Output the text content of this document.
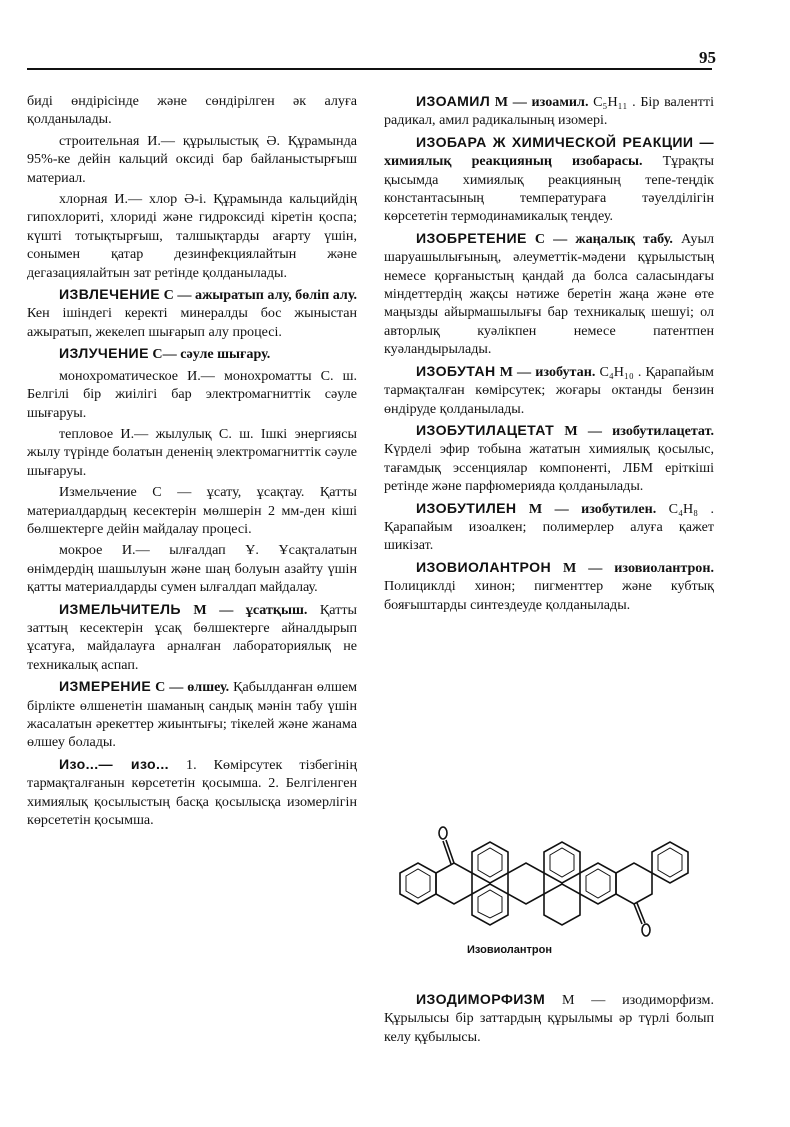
95

биді өндірісінде және сөндірілген әк алуға қолданылады.

строительная И.— құрылыстық Ә. Құрамында 95%-ке дейін кальций оксиді бар байланыстырғыш материал.

хлорная И.— хлор Ә-і. Құрамында кальцийдің гипохлориті, хлориді және гидроксиді кіретін қоспа; күшті тотықтырғыш, талшықтарды ағарту үшін, сонымен қатар дезинфекциялайтын және дегазациялайтын зат ретінде қолданылады.

ИЗВЛЕЧЕНИЕ С — ажыратып алу, бөліп алу. Кен ішіндегі керекті минералды бос жыныстан ажыратып, жекелеп шығарып алу процесі.

ИЗЛУЧЕНИЕ С— сәуле шығару.

монохроматическое И.— монохроматты С. ш. Белгілі бір жиілігі бар электромагниттік сәуле шығаруы.

тепловое И.— жылулық С. ш. Ішкі энергиясы жылу түрінде болатын дененің электромагниттік сәуле шығаруы.

Измельчение С — ұсату, ұсақтау. Қатты материалдардың кесектерін мөлшерін 2 мм-ден кіші бөлшектерге дейін майдалау процесі.

мокрое И.— ылғалдап Ұ. Ұсақталатын өнімдердің шашылуын және шаң болуын азайту үшін қатты материалдарды сумен ылғалдап майдалау.

ИЗМЕЛЬЧИТЕЛЬ М — ұсатқыш. Қатты заттың кесектерін ұсақ бөлшектерге айналдырып ұсатуға, майдалауға арналған лабораториялық не техникалық аспап.

ИЗМЕРЕНИЕ С — өлшеу. Қабылданған өлшем бірлікте өлшенетін шаманың сандық мәнін табу үшін жасалатын әрекеттер жиынтығы; тікелей және жанама өлшеу болады.

Изо...— изо... 1. Көмірсутек тізбегінің тармақталғанын көрсететін қосымша. 2. Белгіленген химиялық қосылыстың басқа қосылысқа изомерлігін көрсететін қосымша.

ИЗОАМИЛ М — изоамил. C₅H₁₁ . Бір валентті радикал, амил радикалының изомері.

ИЗОБАРА Ж ХИМИЧЕСКОЙ РЕАКЦИИ — химиялық реакцияның изобарасы. Тұрақты қысымда химиялық реакцияның тепе-теңдік константасының температураға тәуелділігін көрсететін термодинамикалық теңдеу.

ИЗОБРЕТЕНИЕ С — жаңалық табу. Ауыл шаруашылығының, әлеуметтік-мәдени құрылыстың немесе қорғаныстың қандай да болса саласындағы міндеттердің жақсы нәтиже беретін жаңа және өте маңызды айырмашылығы бар техникалық шешуі; ол авторлық куәлікпен немесе патентпен куәландырылады.

ИЗОБУТАН М — изобутан. C₄H₁₀ . Қарапайым тармақталған көмірсутек; жоғары октанды бензин өндіруде қолданылады.

ИЗОБУТИЛАЦЕТАТ М — изобутилацетат. Күрделі эфир тобына жататын химиялық қосылыс, тағамдық эссенциялар компоненті, ЛБМ еріткіші ретінде және парфюмерияда қолданылады.

ИЗОБУТИЛЕН М — изобутилен. C₄H₈ . Қарапайым изоалкен; полимерлер алуға қажет шикізат.

ИЗОВИОЛАНТРОН М — изовиолантрон. Полициклді хинон; пигменттер және кубтық бояғыштарды синтездеуде қолданылады.

Изовиолантрон

ИЗОДИМОРФИЗМ М — изодиморфизм. Құрылысы бір заттардың құрылымы әр түрлі болып келу құбылысы.
